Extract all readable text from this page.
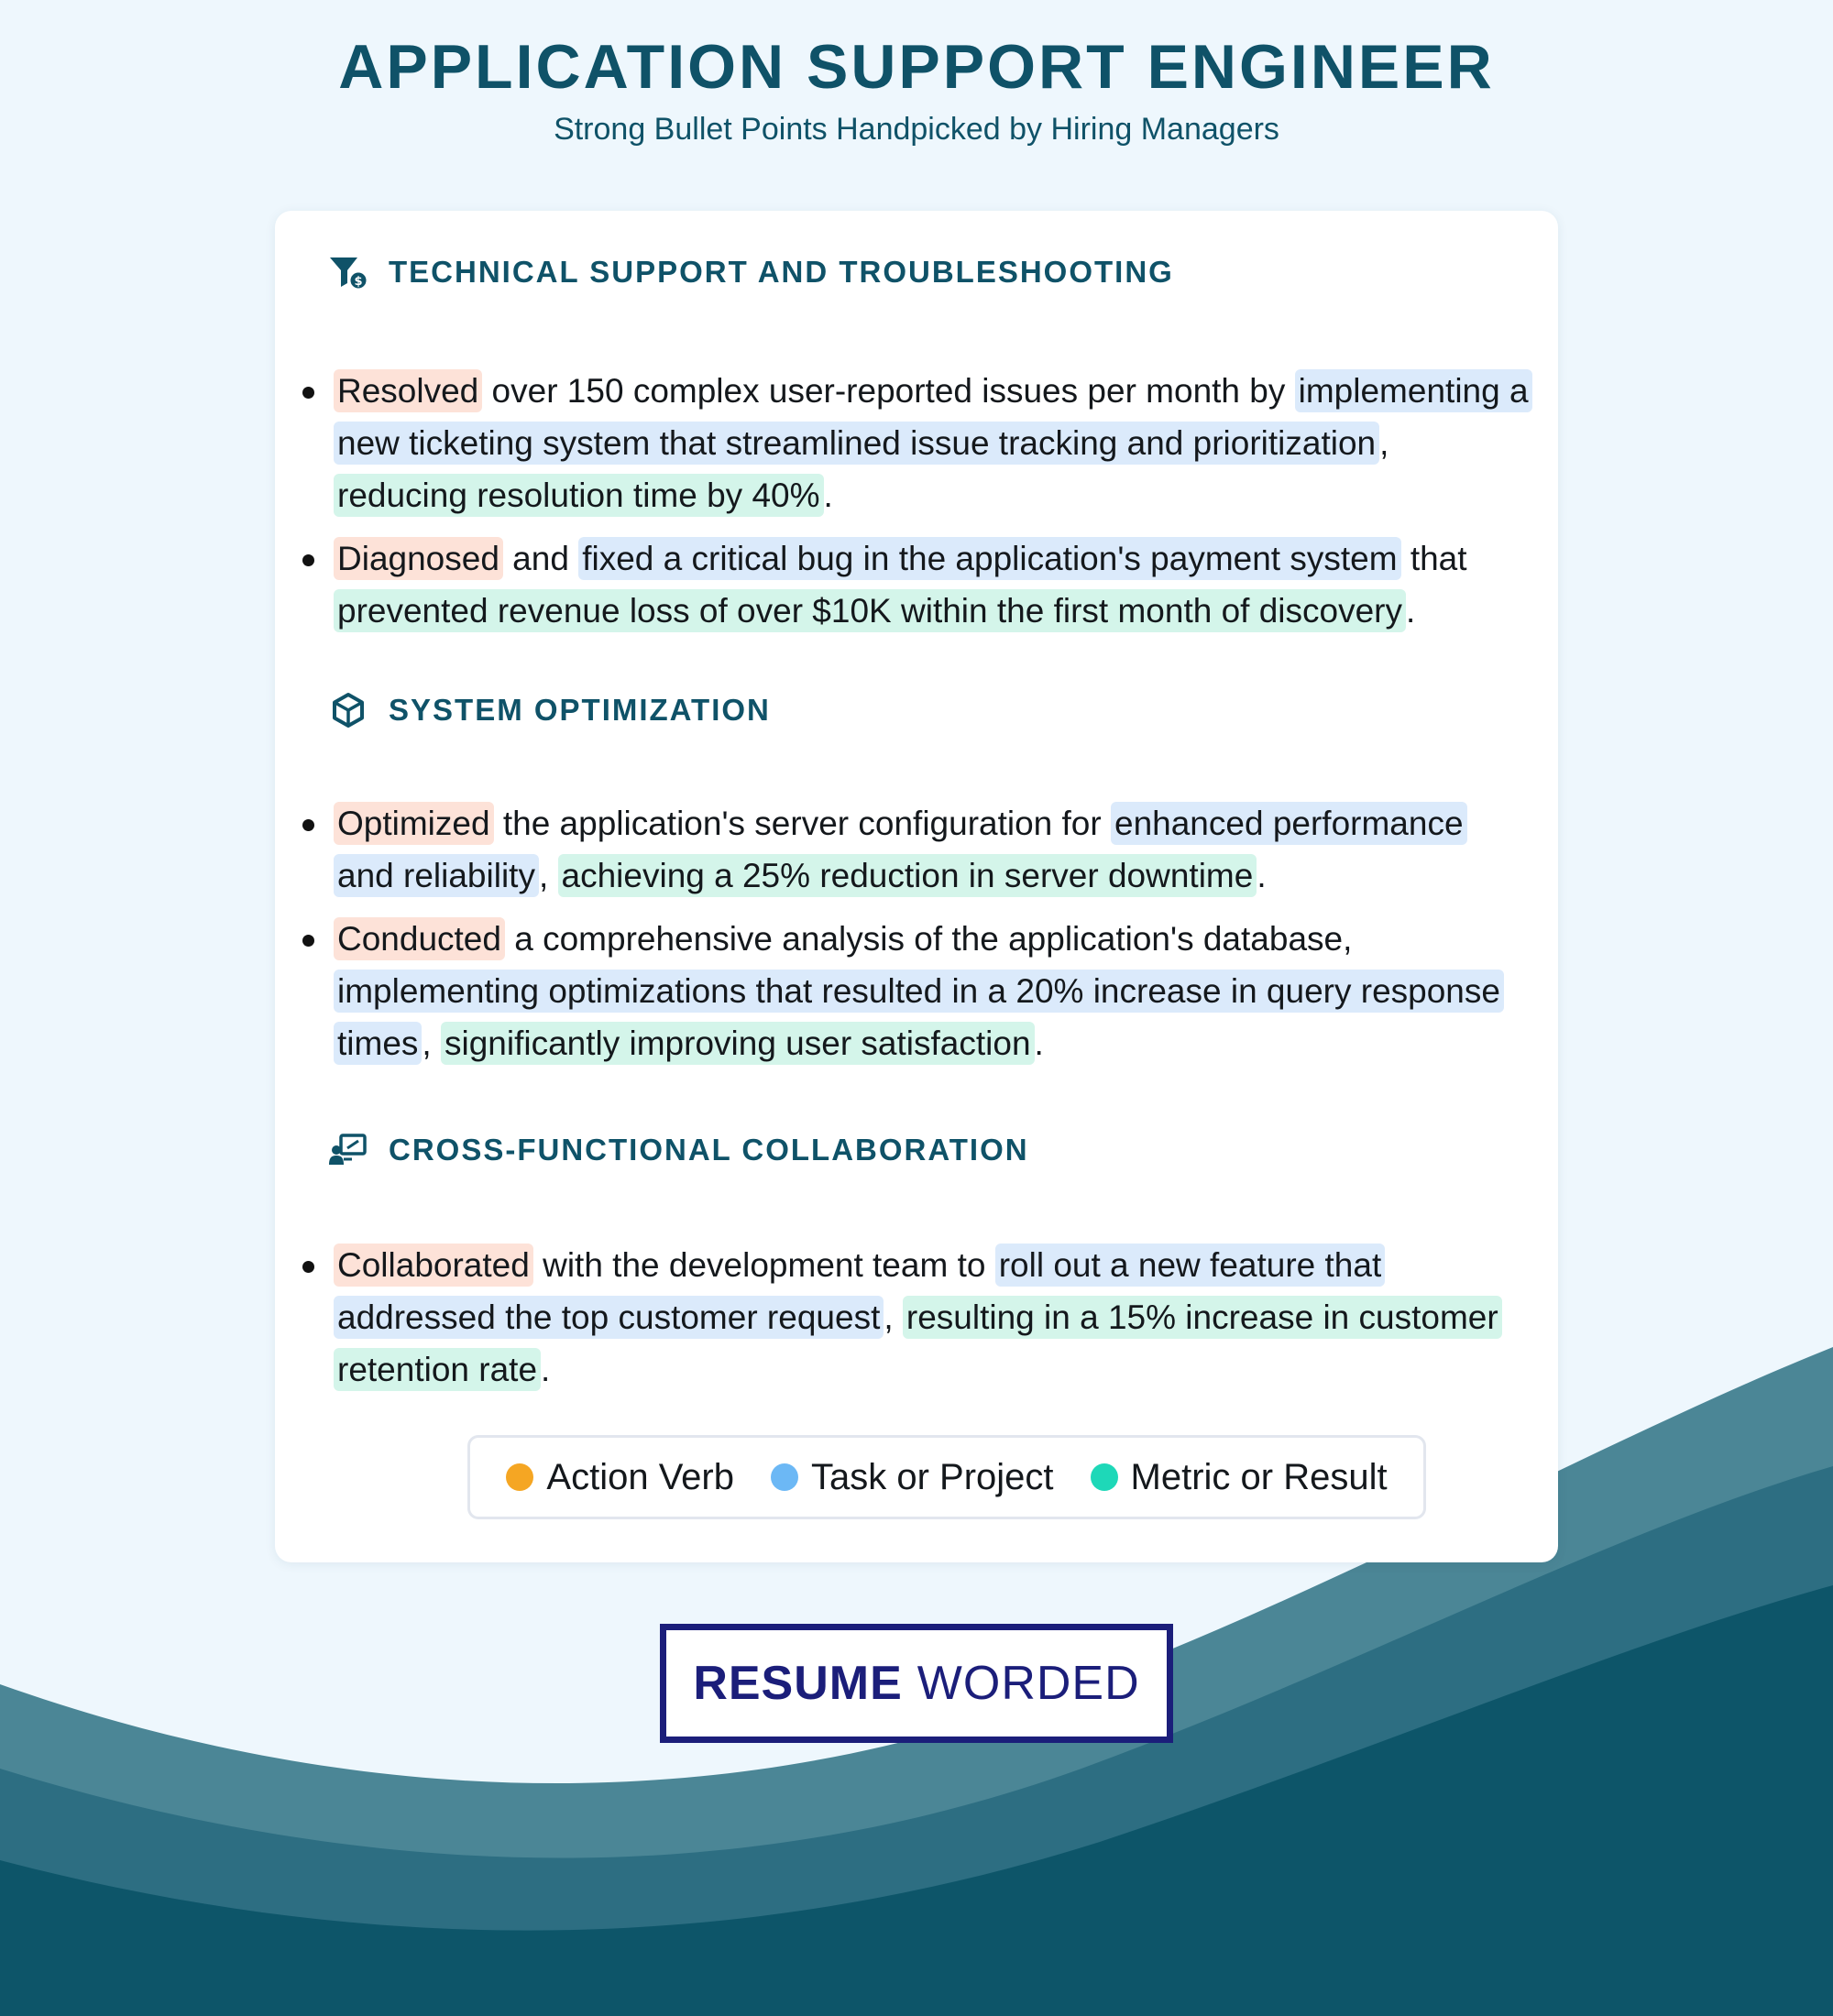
APPLICATION SUPPORT ENGINEER

Strong Bullet Points Handpicked by Hiring Managers

$ TECHNICAL SUPPORT AND TROUBLESHOOTING
Resolved over 150 complex user-reported issues per month by implementing a new ticketing system that streamlined issue tracking and prioritization , reducing resolution time by 40% .
Diagnosed and fixed a critical bug in the application's payment system that prevented revenue loss of over $10K within the first month of discovery .
SYSTEM OPTIMIZATION
Optimized the application's server configuration for enhanced performance and reliability , achieving a 25% reduction in server downtime .
Conducted a comprehensive analysis of the application's database, implementing optimizations that resulted in a 20% increase in query response times , significantly improving user satisfaction .
CROSS-FUNCTIONAL COLLABORATION
Collaborated with the development team to roll out a new feature that addressed the top customer request , resulting in a 15% increase in customer retention rate .
Action Verb Task or Project Metric or Result
RESUME WORDED
